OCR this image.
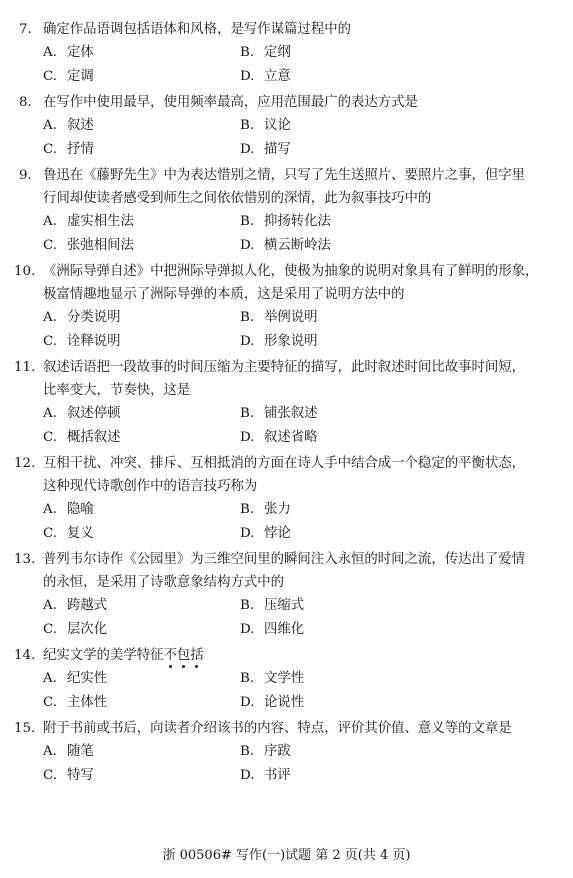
7. 确定作品语调包括语体和风格，是写作谋篇过程中的
A. 定体	B. 定纲
C. 定调	D. 立意
8. 在写作中使用最早，使用频率最高，应用范围最广的表达方式是
A. 叙述	B. 议论
C. 抒情	D. 描写
9. 鲁迅在《藤野先生》中为表达惜别之情，只写了先生送照片、要照片之事，但字里
行间却使读者感受到师生之间依依惜别的深情，此为叙事技巧中的
A. 虚实相生法	B. 抑扬转化法
C. 张弛相间法	D. 横云断岭法
10. 《洲际导弹自述》中把洲际导弹拟人化，使极为抽象的说明对象具有了鲜明的形象，
极富情趣地显示了洲际导弹的本质，这是采用了说明方法中的
A. 分类说明	B. 举例说明
C. 诠释说明	D. 形象说明
11. 叙述话语把一段故事的时间压缩为主要特征的描写，此时叙述时间比故事时间短，
比率变大，节奏快，这是
A. 叙述停顿	B. 铺张叙述
C. 概括叙述	D. 叙述省略
12. 互相干扰、冲突、排斥、互相抵消的方面在诗人手中结合成一个稳定的平衡状态，
这种现代诗歌创作中的语言技巧称为
A. 隐喻	B. 张力
C. 复义	D. 悖论
13. 普列韦尔诗作《公园里》为三维空间里的瞬间注入永恒的时间之流，传达出了爱情
的永恒，是采用了诗歌意象结构方式中的
A. 跨越式	B. 压缩式
C. 层次化	D. 四维化
14. 纪实文学的美学特征不
包
括
A. 纪实性	B. 文学性
C. 主体性	D. 论说性
15. 附于书前或书后，向读者介绍该书的内容、特点，评价其价值、意义等的文章是
A. 随笔	B. 序跋
C. 特写	D. 书评
浙 00506# 写作(一)试题 第 2 页(共 4 页)
